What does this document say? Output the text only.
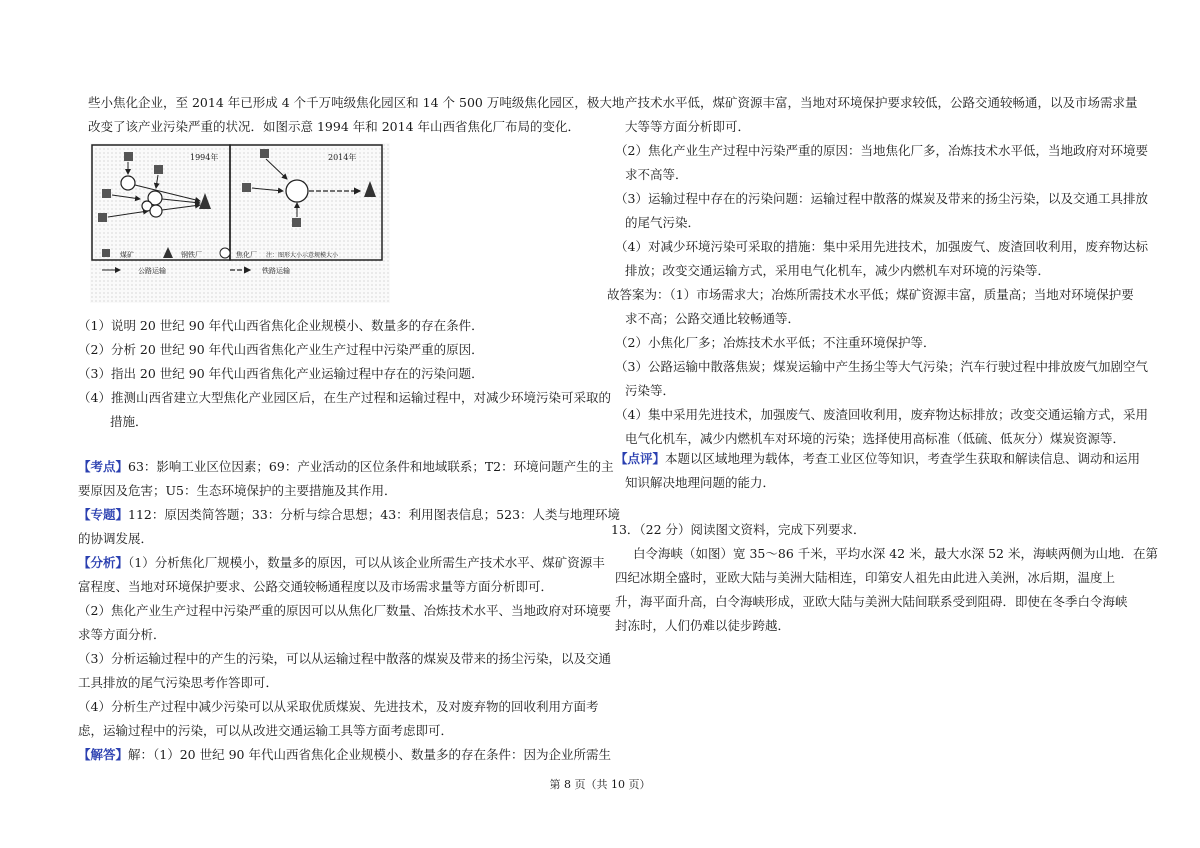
些小焦化企业，至 2014 年已形成 4 个千万吨级焦化园区和 14 个 500 万吨级焦化园区，极大地
改变了该产业污染严重的状况．如图示意 1994 年和 2014 年山西省焦化厂布局的变化．
（1）说明 20 世纪 90 年代山西省焦化企业规模小、数量多的存在条件．
（2）分析 20 世纪 90 年代山西省焦化产业生产过程中污染严重的原因．
（3）指出 20 世纪 90 年代山西省焦化产业运输过程中存在的污染问题．
（4）推测山西省建立大型焦化产业园区后，在生产过程和运输过程中，对减少环境污染可采取的
措施．
【考点】63：影响工业区位因素；69：产业活动的区位条件和地域联系；T2：环境问题产生的主
要原因及危害；U5：生态环境保护的主要措施及其作用．
【专题】112：原因类简答题；33：分析与综合思想；43：利用图表信息；523：人类与地理环境
的协调发展．
【分析】（1）分析焦化厂规模小，数量多的原因，可以从该企业所需生产技术水平、煤矿资源丰
富程度、当地对环境保护要求、公路交通较畅通程度以及市场需求量等方面分析即可．
（2）焦化产业生产过程中污染严重的原因可以从焦化厂数量、冶炼技术水平、当地政府对环境要
求等方面分析．
（3）分析运输过程中的产生的污染，可以从运输过程中散落的煤炭及带来的扬尘污染，以及交通
工具排放的尾气污染思考作答即可．
（4）分析生产过程中减少污染可以从采取优质煤炭、先进技术，及对废弃物的回收利用方面考
虑，运输过程中的污染，可以从改进交通运输工具等方面考虑即可．
【解答】解：（1）20 世纪 90 年代山西省焦化企业规模小、数量多的存在条件：因为企业所需生
1994年	2014年
煤矿	钢铁厂	焦化厂 注：图形大小示意规模大小
公路运输	铁路运输
产技术水平低，煤矿资源丰富，当地对环境保护要求较低，公路交通较畅通，以及市场需求量
大等等方面分析即可．
（2）焦化产业生产过程中污染严重的原因：当地焦化厂多，冶炼技术水平低，当地政府对环境要
求不高等．
（3）运输过程中存在的污染问题：运输过程中散落的煤炭及带来的扬尘污染，以及交通工具排放
的尾气污染．
（4）对减少环境污染可采取的措施：集中采用先进技术，加强废气、废渣回收利用，废弃物达标
排放；改变交通运输方式，采用电气化机车，减少内燃机车对环境的污染等．
故答案为：（1）市场需求大；冶炼所需技术水平低；煤矿资源丰富，质量高；当地对环境保护要
求不高；公路交通比较畅通等．
（2）小焦化厂多；冶炼技术水平低；不注重环境保护等．
（3）公路运输中散落焦炭；煤炭运输中产生扬尘等大气污染；汽车行驶过程中排放废气加剧空气
污染等．
（4）集中采用先进技术，加强废气、废渣回收利用，废弃物达标排放；改变交通运输方式，采用
电气化机车，减少内燃机车对环境的污染；选择使用高标准（低硫、低灰分）煤炭资源等．
【点评】本题以区域地理为载体，考查工业区位等知识，考查学生获取和解读信息、调动和运用
知识解决地理问题的能力．
13．（22 分）阅读图文资料，完成下列要求．
白令海峡（如图）宽 35～86 千米，平均水深 42 米，最大水深 52 米，海峡两侧为山地．在第
四纪冰期全盛时，亚欧大陆与美洲大陆相连，印第安人祖先由此进入美洲，冰后期，温度上
升，海平面升高，白令海峡形成，亚欧大陆与美洲大陆间联系受到阻碍．即使在冬季白令海峡
封冻时，人们仍难以徒步跨越．
第 8 页（共 10 页）
